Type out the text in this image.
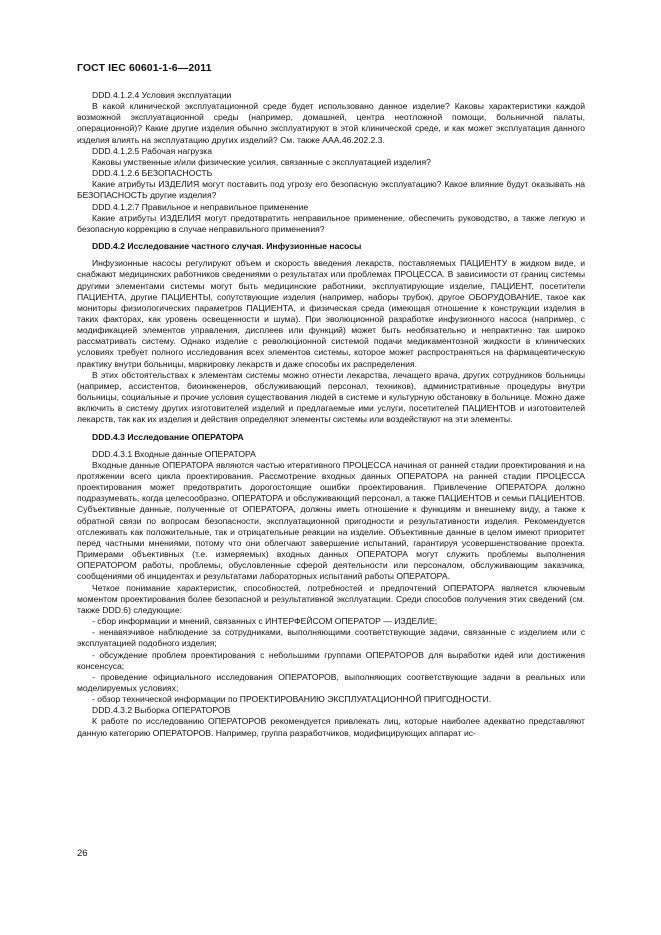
ГОСТ IEC 60601-1-6—2011

DDD.4.1.2.4 Условия эксплуатации

В какой клинической эксплуатационной среде будет использовано данное изделие? Каковы характеристики каждой возможной эксплуатационной среды (например, домашней, центра неотложной помощи, больничной палаты, операционной)? Какие другие изделия обычно эксплуатируют в этой клинической среде, и как может эксплуатация данного изделия влиять на эксплуатацию других изделий? См. также ААА.46.202.2.3.

DDD.4.1.2.5 Рабочая нагрузка

Каковы умственные и/или физические усилия, связанные с эксплуатацией изделия?

DDD.4.1.2.6 БЕЗОПАСНОСТЬ

Какие атрибуты ИЗДЕЛИЯ могут поставить под угрозу его безопасную эксплуатацию? Какое влияние будут оказывать на БЕЗОПАСНОСТЬ другие изделия?

DDD.4.1.2.7 Правильное и неправильное применение

Какие атрибуты ИЗДЕЛИЯ могут предотвратить неправильное применение, обеспечить руководство, а также легкую и безопасную коррекцию в случае неправильного применения?

DDD.4.2 Исследование частного случая. Инфузионные насосы

Инфузионные насосы регулируют объем и скорость введения лекарств, поставляемых ПАЦИЕНТУ в жидком виде, и снабжают медицинских работников сведениями о результатах или проблемах ПРОЦЕССА. В зависимости от границ системы другими элементами системы могут быть медицинские работники, эксплуатирующие изделие, ПАЦИЕНТ, посетители ПАЦИЕНТА, другие ПАЦИЕНТЫ, сопутствующие изделия (например, наборы трубок), другое ОБОРУДОВАНИЕ, такое как мониторы физиологических параметров ПАЦИЕНТА, и физическая среда (имеющая отношение к конструкции изделия в таких факторах, как уровень освещенности и шума). При эволюционной разработке инфузионного насоса (например, с модификацией элементов управления, дисплеев или функций) может быть необязательно и непрактично так широко рассматривать систему. Однако изделие с революционной системой подачи медикаментозной жидкости в клинических условиях требует полного исследования всех элементов системы, которое может распространяться на фармацевтическую практику внутри больницы, маркировку лекарств и даже способы их распределения.

В этих обстоятельствах к элементам системы можно отнести лекарства, лечащего врача, других сотрудников больницы (например, ассистентов, биоинженеров, обслуживающий персонал, техников), административные процедуры внутри больницы, социальные и прочие условия существования людей в системе и культурную обстановку в больнице. Можно даже включить в систему других изготовителей изделий и предлагаемые ими услуги, посетителей ПАЦИЕНТОВ и изготовителей лекарств, так как их изделия и действия определяют элементы системы или воздействуют на эти элементы.

DDD.4.3 Исследование ОПЕРАТОРА

DDD.4.3.1 Входные данные ОПЕРАТОРА

Входные данные ОПЕРАТОРА являются частью итеративного ПРОЦЕССА начиная от ранней стадии проектирования и на протяжении всего цикла проектирования. Рассмотрение входных данных ОПЕРАТОРА на ранней стадии ПРОЦЕССА проектирования может предотвратить дорогостоящие ошибки проектирования. Привлечение ОПЕРАТОРА должно подразумевать, когда целесообразно, ОПЕРАТОРА и обслуживающий персонал, а также ПАЦИЕНТОВ и семьи ПАЦИЕНТОВ. Субъективные данные, полученные от ОПЕРАТОРА, должны иметь отношение к функциям и внешнему виду, а также к обратной связи по вопросам безопасности, эксплуатационной пригодности и результативности изделия. Рекомендуется отслеживать как положительные, так и отрицательные реакции на изделие. Объективные данные в целом имеют приоритет перед частными мнениями, потому что они облегчают завершение испытаний, гарантируя усовершенствование проекта. Примерами объективных (т.е. измеряемых) входных данных ОПЕРАТОРА могут служить проблемы выполнения ОПЕРАТОРОМ работы, проблемы, обусловленные сферой деятельности или персоналом, обслуживающим заказчика, сообщениями об инцидентах и результатами лабораторных испытаний работы ОПЕРАТОРА.

Четкое понимание характеристик, способностей, потребностей и предпочтений ОПЕРАТОРА является ключевым моментом проектирования более безопасной и результативной эксплуатации. Среди способов получения этих сведений (см. также DDD.6) следующие:

- сбор информации и мнений, связанных с ИНТЕРФЕЙСОМ ОПЕРАТОР — ИЗДЕЛИЕ;

- ненавязчивое наблюдение за сотрудниками, выполняющими соответствующие задачи, связанные с изделием или с эксплуатацией подобного изделия;

- обсуждение проблем проектирования с небольшими группами ОПЕРАТОРОВ для выработки идей или достижения консенсуса;

- проведение официального исследования ОПЕРАТОРОВ, выполняющих соответствующие задачи в реальных или моделируемых условиях;

- обзор технической информации по ПРОЕКТИРОВАНИЮ ЭКСПЛУАТАЦИОННОЙ ПРИГОДНОСТИ.

DDD.4.3.2 Выборка ОПЕРАТОРОВ

К работе по исследованию ОПЕРАТОРОВ рекомендуется привлекать лиц, которые наиболее адекватно представляют данную категорию ОПЕРАТОРОВ. Например, группа разработчиков, модифицирующих аппарат ис-

26
